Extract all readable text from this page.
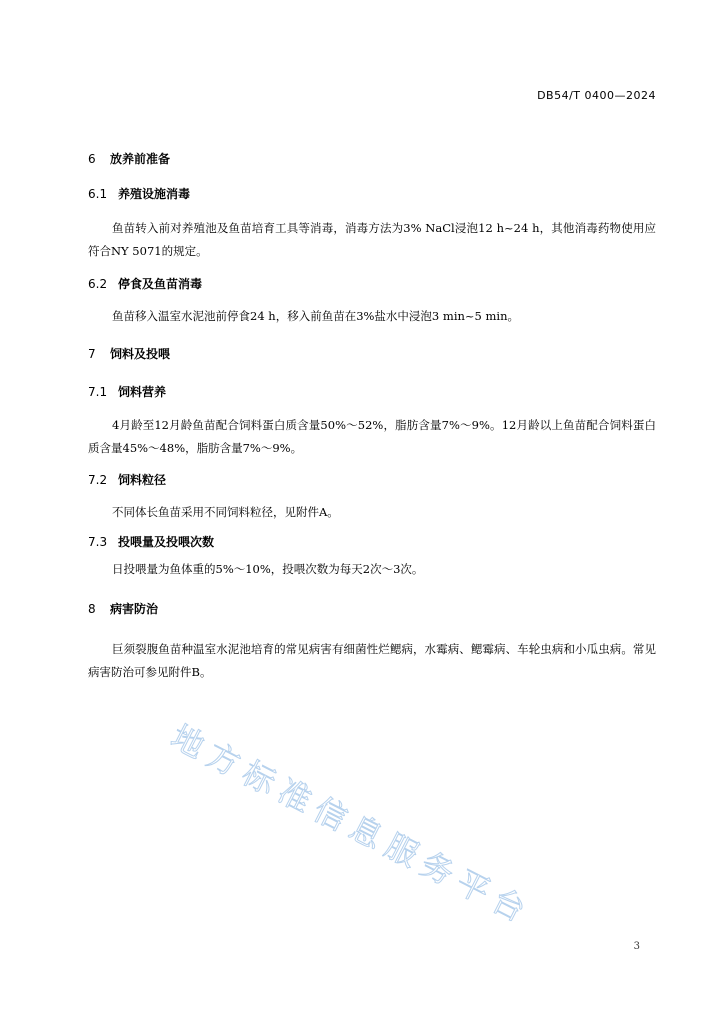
DB54/T 0400—2024
6 放养前准备
6.1 养殖设施消毒
鱼苗转入前对养殖池及鱼苗培育工具等消毒，消毒方法为3% NaCl浸泡12 h~24 h，其他消毒药物使用应符合NY 5071的规定。
6.2 停食及鱼苗消毒
鱼苗移入温室水泥池前停食24 h，移入前鱼苗在3%盐水中浸泡3 min~5 min。
7 饲料及投喂
7.1 饲料营养
4月龄至12月龄鱼苗配合饲料蛋白质含量50%～52%，脂肪含量7%～9%。12月龄以上鱼苗配合饲料蛋白质含量45%～48%，脂肪含量7%～9%。
7.2 饲料粒径
不同体长鱼苗采用不同饲料粒径，见附件A。
7.3 投喂量及投喂次数
日投喂量为鱼体重的5%～10%，投喂次数为每天2次～3次。
8 病害防治
巨须裂腹鱼苗种温室水泥池培育的常见病害有细菌性烂鳃病，水霉病、鳃霉病、车轮虫病和小瓜虫病。常见病害防治可参见附件B。
地方标准信息服务平台
3
